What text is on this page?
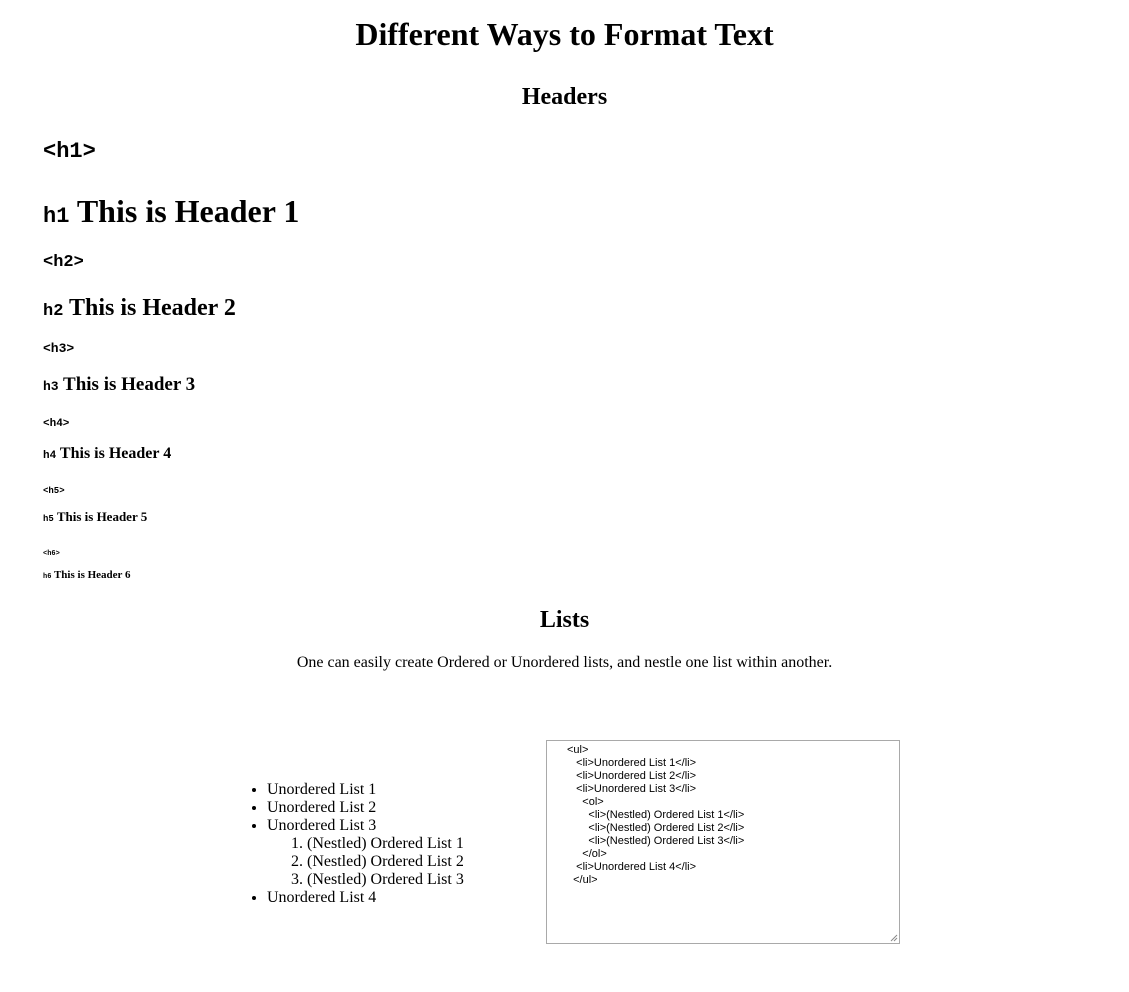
Different Ways to Format Text
Headers
<h1>
h1 This is Header 1
<h2>
h2 This is Header 2
<h3>
h3 This is Header 3
<h4>
h4 This is Header 4
<h5>
h5 This is Header 5
<h6>
h6 This is Header 6
Lists

One can easily create Ordered or Unordered lists, and nestle one list within another.

• Unordered List 1
• Unordered List 2
• Unordered List 3
1. (Nestled) Ordered List 1
2. (Nestled) Ordered List 2
3. (Nestled) Ordered List 3
• Unordered List 4
<ul>
<li>Unordered List 1</li>
<li>Unordered List 2</li>
<li>Unordered List 3</li>
<ol>
<li>(Nestled) Ordered List 1</li>
<li>(Nestled) Ordered List 2</li>
<li>(Nestled) Ordered List 3</li>
</ol>
<li>Unordered List 4</li>
</ul>
